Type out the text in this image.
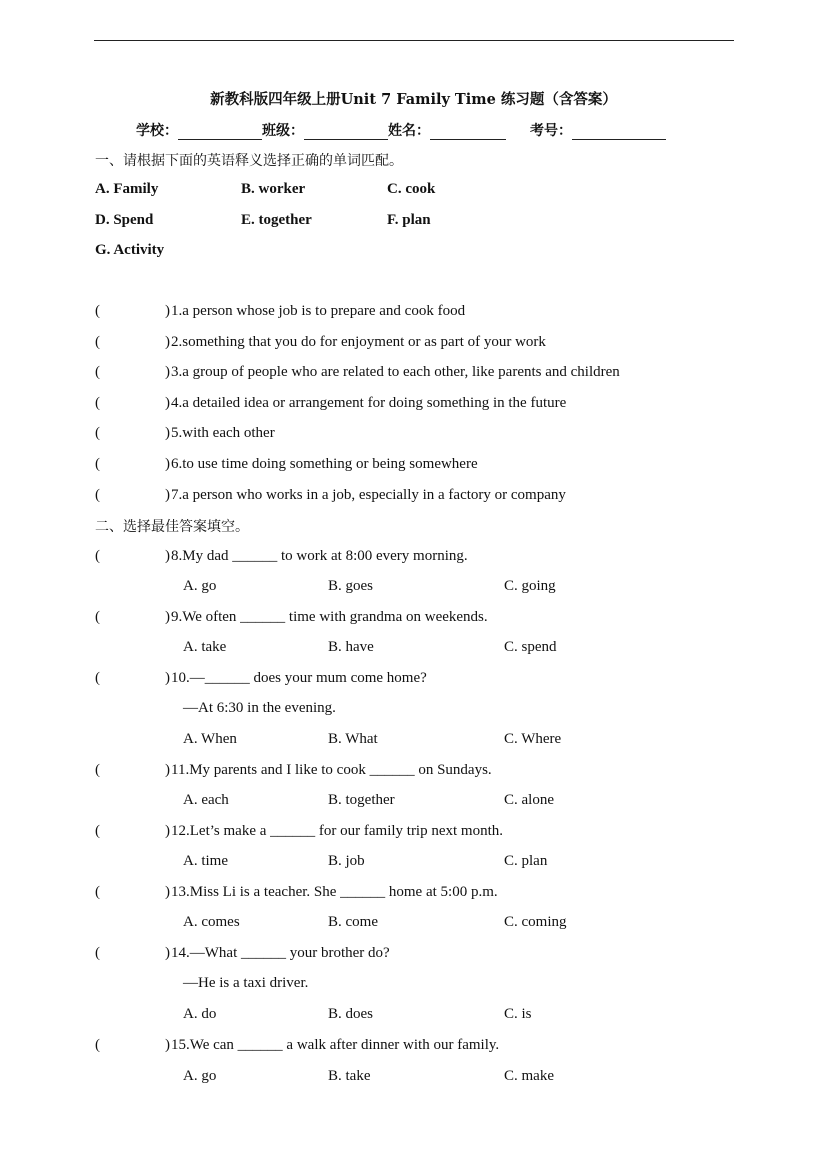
新教科版四年级上册Unit 7 Family Time 练习题（含答案）
学校：	班级：	姓名：	考号：
一、请根据下面的英语释义选择正确的单词匹配。
A. Family	B. worker	C. cook
D. Spend	E. together	F. plan
G. Activity
(	) 1.a person whose job is to prepare and cook food
(	) 2.something that you do for enjoyment or as part of your work
(	) 3.a group of people who are related to each other, like parents and children
(	) 4.a detailed idea or arrangement for doing something in the future
(	) 5.with each other
(	) 6.to use time doing something or being somewhere
(	) 7.a person who works in a job, especially in a factory or company
二、选择最佳答案填空。
(	) 8.My dad ______ to work at 8:00 every morning.
A. go	B. goes	C. going
(	) 9.We often ______ time with grandma on weekends.
A. take	B. have	C. spend
(	) 10.—______ does your mum come home?
—At 6:30 in the evening.
A. When	B. What	C. Where
(	) 11.My parents and I like to cook ______ on Sundays.
A. each	B. together	C. alone
(	) 12.Let’s make a ______ for our family trip next month.
A. time	B. job	C. plan
(	) 13.Miss Li is a teacher. She ______ home at 5:00 p.m.
A. comes	B. come	C. coming
(	) 14.—What ______ your brother do?
—He is a taxi driver.
A. do	B. does	C. is
(	) 15.We can ______ a walk after dinner with our family.
A. go	B. take	C. make
